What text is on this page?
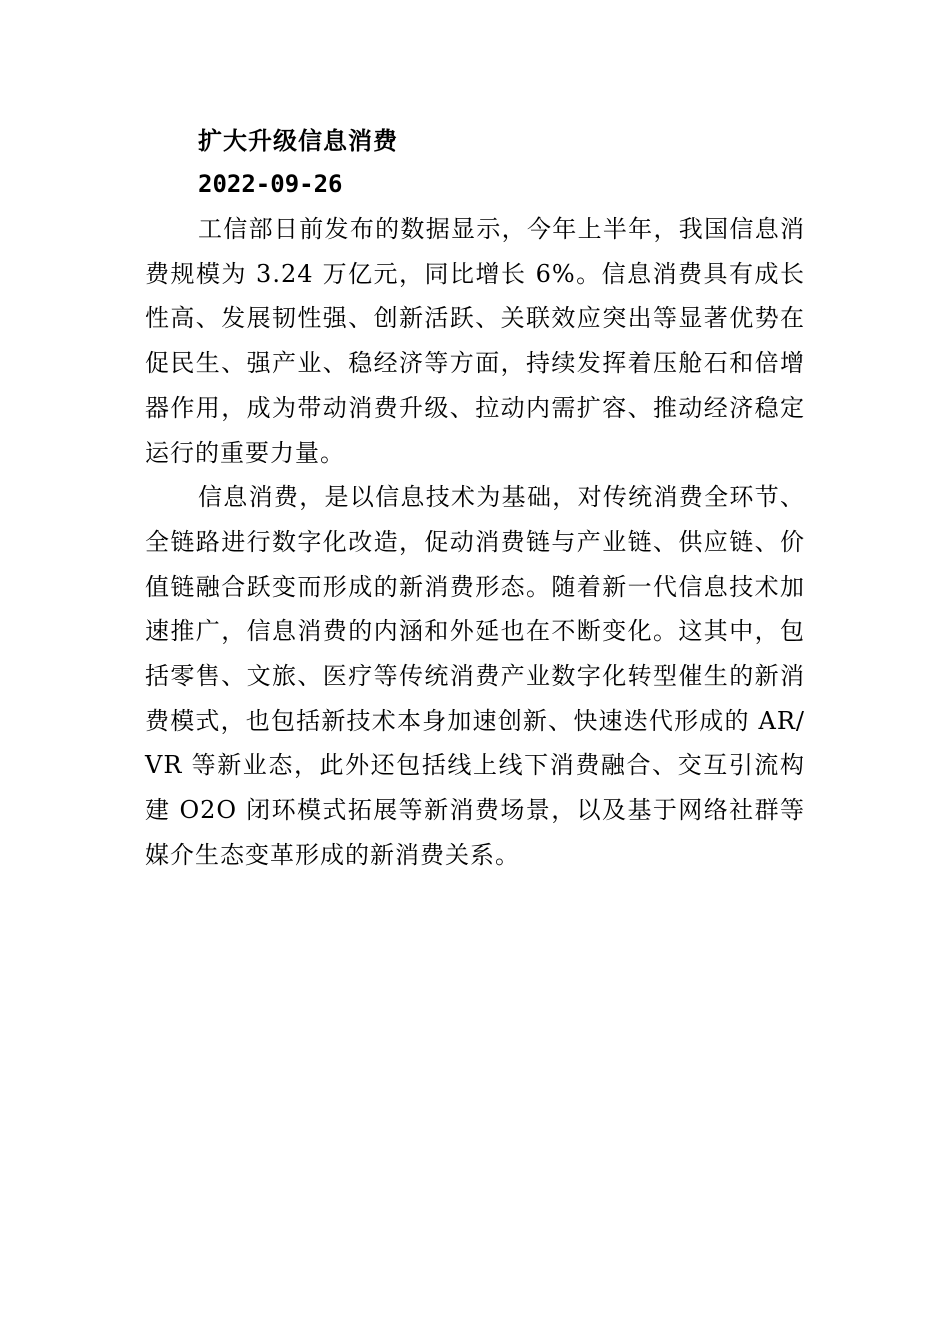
扩大升级信息消费
2022-09-26

工信部日前发布的数据显示，今年上半年，我国信息消费规模为 3.24 万亿元，同比增长 6%。信息消费具有成长性高、发展韧性强、创新活跃、关联效应突出等显著优势在促民生、强产业、稳经济等方面，持续发挥着压舱石和倍增器作用，成为带动消费升级、拉动内需扩容、推动经济稳定运行的重要力量。

信息消费，是以信息技术为基础，对传统消费全环节、全链路进行数字化改造，促动消费链与产业链、供应链、价值链融合跃变而形成的新消费形态。随着新一代信息技术加速推广，信息消费的内涵和外延也在不断变化。这其中，包括零售、文旅、医疗等传统消费产业数字化转型催生的新消费模式，也包括新技术本身加速创新、快速迭代形成的 AR/VR 等新业态，此外还包括线上线下消费融合、交互引流构建 O2O 闭环模式拓展等新消费场景，以及基于网络社群等媒介生态变革形成的新消费关系。
